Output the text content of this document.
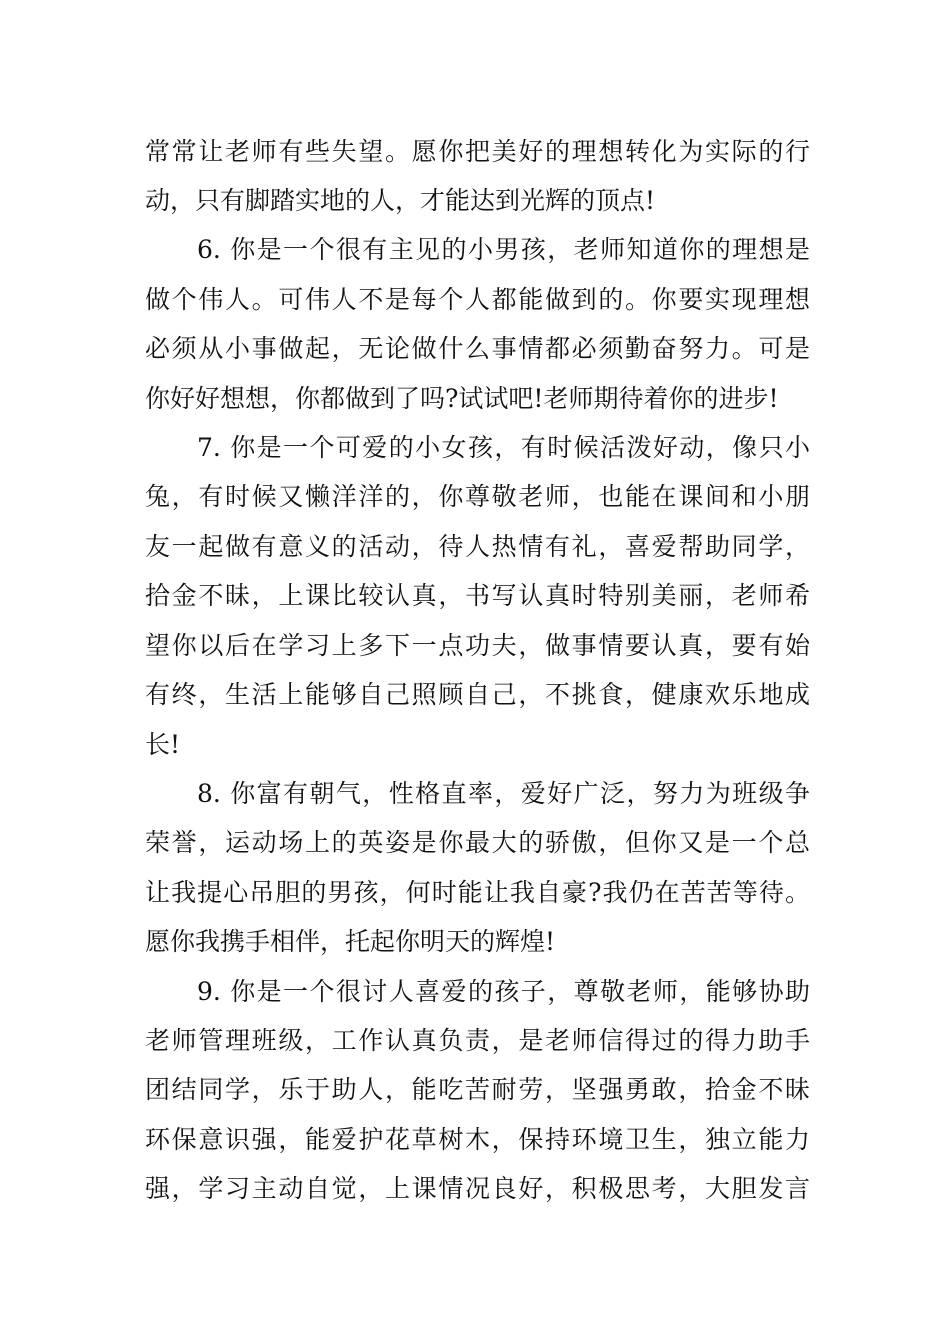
常常让老师有些失望。愿你把美好的理想转化为实际的行
动，只有脚踏实地的人，才能达到光辉的顶点!
6. 你是一个很有主见的小男孩，老师知道你的理想是
做个伟人。可伟人不是每个人都能做到的。你要实现理想
必须从小事做起，无论做什么事情都必须勤奋努力。可是
你好好想想，你都做到了吗?试试吧!老师期待着你的进步!
7. 你是一个可爱的小女孩，有时候活泼好动，像只小
兔，有时候又懒洋洋的，你尊敬老师，也能在课间和小朋
友一起做有意义的活动，待人热情有礼，喜爱帮助同学，
拾金不昧，上课比较认真，书写认真时特别美丽，老师希
望你以后在学习上多下一点功夫，做事情要认真，要有始
有终，生活上能够自己照顾自己，不挑食，健康欢乐地成
长!
8. 你富有朝气，性格直率，爱好广泛，努力为班级争
荣誉，运动场上的英姿是你最大的骄傲，但你又是一个总
让我提心吊胆的男孩，何时能让我自豪?我仍在苦苦等待。
愿你我携手相伴，托起你明天的辉煌!
9. 你是一个很讨人喜爱的孩子，尊敬老师，能够协助
老师管理班级，工作认真负责，是老师信得过的得力助手
团结同学，乐于助人，能吃苦耐劳，坚强勇敢，拾金不昧
环保意识强，能爱护花草树木，保持环境卫生，独立能力
强，学习主动自觉，上课情况良好，积极思考，大胆发言
